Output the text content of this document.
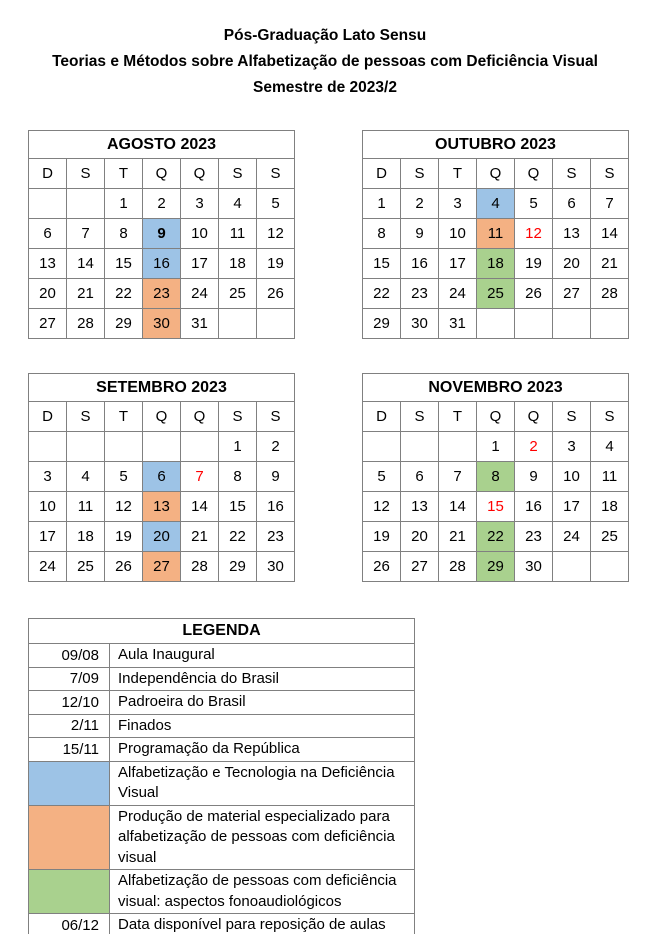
Pós-Graduação Lato Sensu
Teorias e Métodos sobre Alfabetização de pessoas com Deficiência Visual
Semestre de 2023/2
AGOSTO 2023						
D	S	T	Q	Q	S	S
		1	2	3	4	5
6	7	8	9	10	11	12
13	14	15	16	17	18	19
20	21	22	23	24	25	26
27	28	29	30	31		
OUTUBRO 2023						
D	S	T	Q	Q	S	S
1	2	3	4	5	6	7
8	9	10	11	12	13	14
15	16	17	18	19	20	21
22	23	24	25	26	27	28
29	30	31				
SETEMBRO 2023						
D	S	T	Q	Q	S	S
					1	2
3	4	5	6	7	8	9
10	11	12	13	14	15	16
17	18	19	20	21	22	23
24	25	26	27	28	29	30
NOVEMBRO 2023						
D	S	T	Q	Q	S	S
			1	2	3	4
5	6	7	8	9	10	11
12	13	14	15	16	17	18
19	20	21	22	23	24	25
26	27	28	29	30		
LEGENDA	
09/08	Aula Inaugural
7/09	Independência do Brasil
12/10	Padroeira do Brasil
2/11	Finados
15/11	Programação da República
	Alfabetização e Tecnologia na Deficiência Visual
	Produção de material especializado para alfabetização de pessoas com deficiência visual
	Alfabetização de pessoas com deficiência visual: aspectos fonoaudiológicos
06/12	Data disponível para reposição de aulas
